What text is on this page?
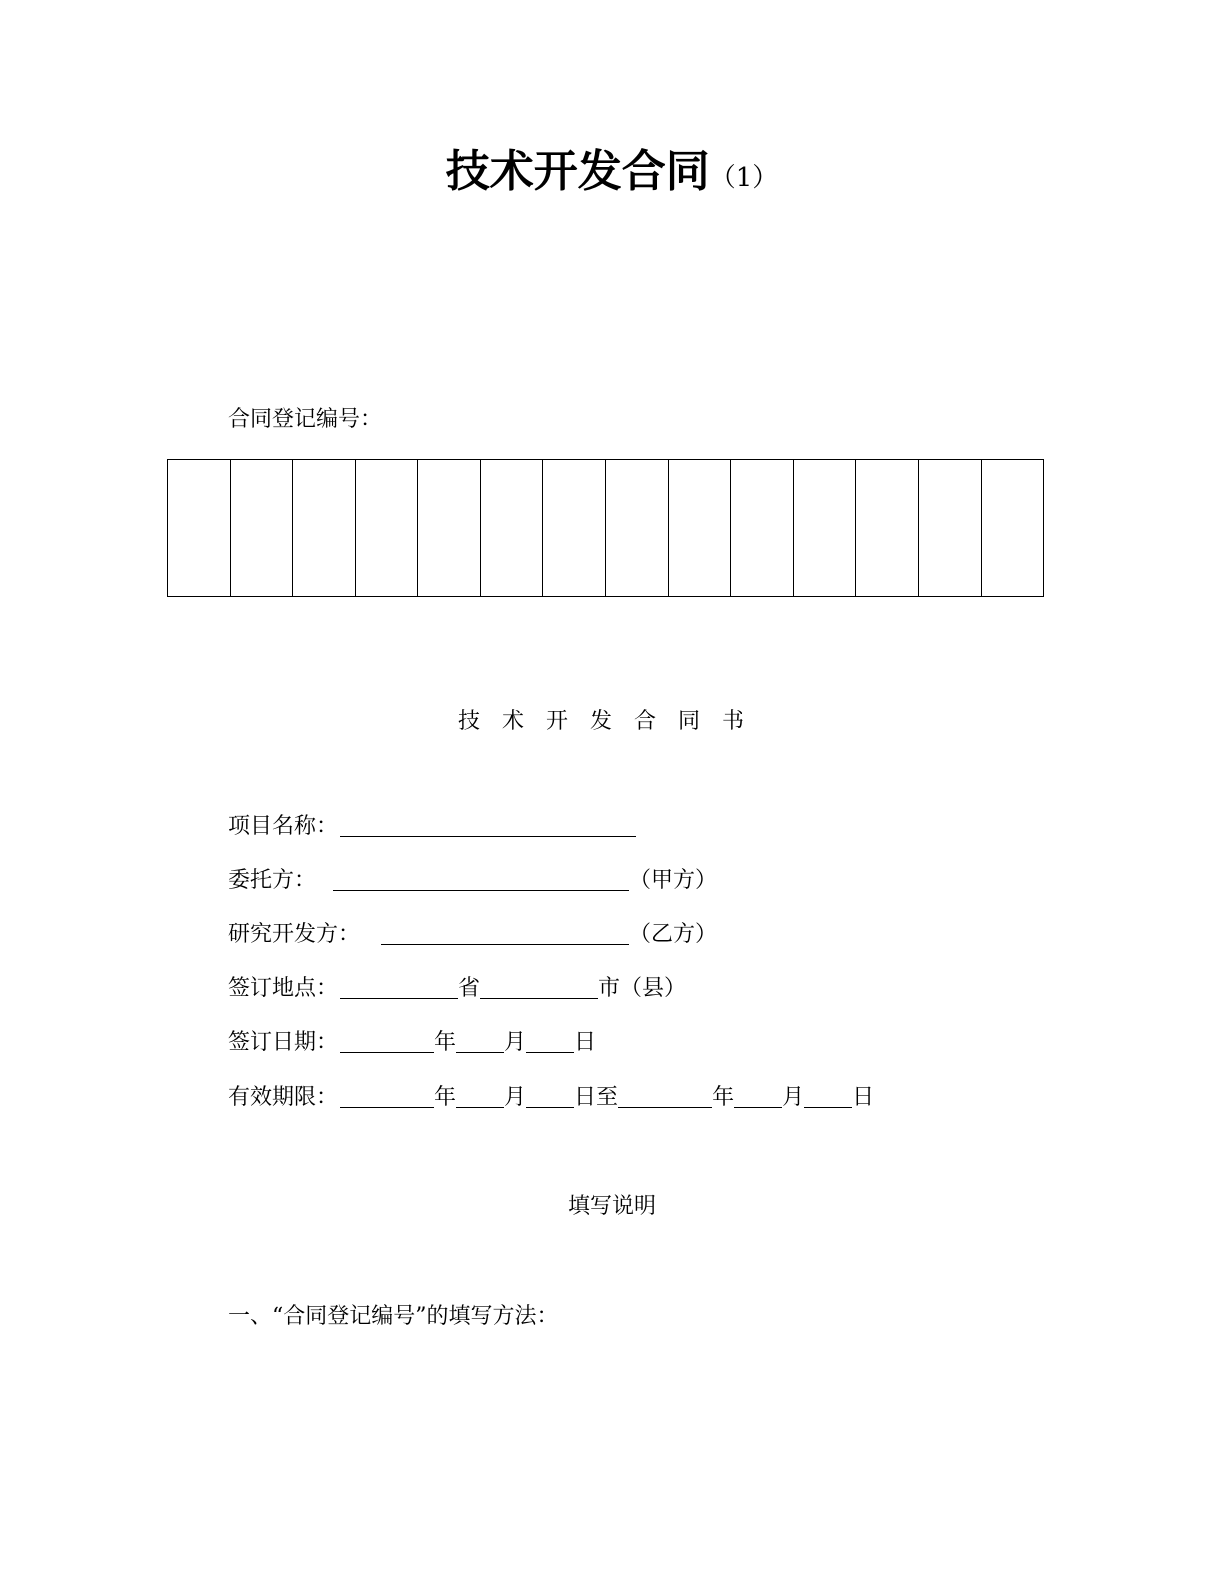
技术开发合同（1）
合同登记编号：
技术开发合同书
项目名称：
委托方：	（甲方）
研究开发方：	（乙方）
签订地点：	省	市（县）
签订日期：	年 月 日
有效期限：	年 月 日至	年 月 日
填写说明
一、“合同登记编号”的填写方法：
